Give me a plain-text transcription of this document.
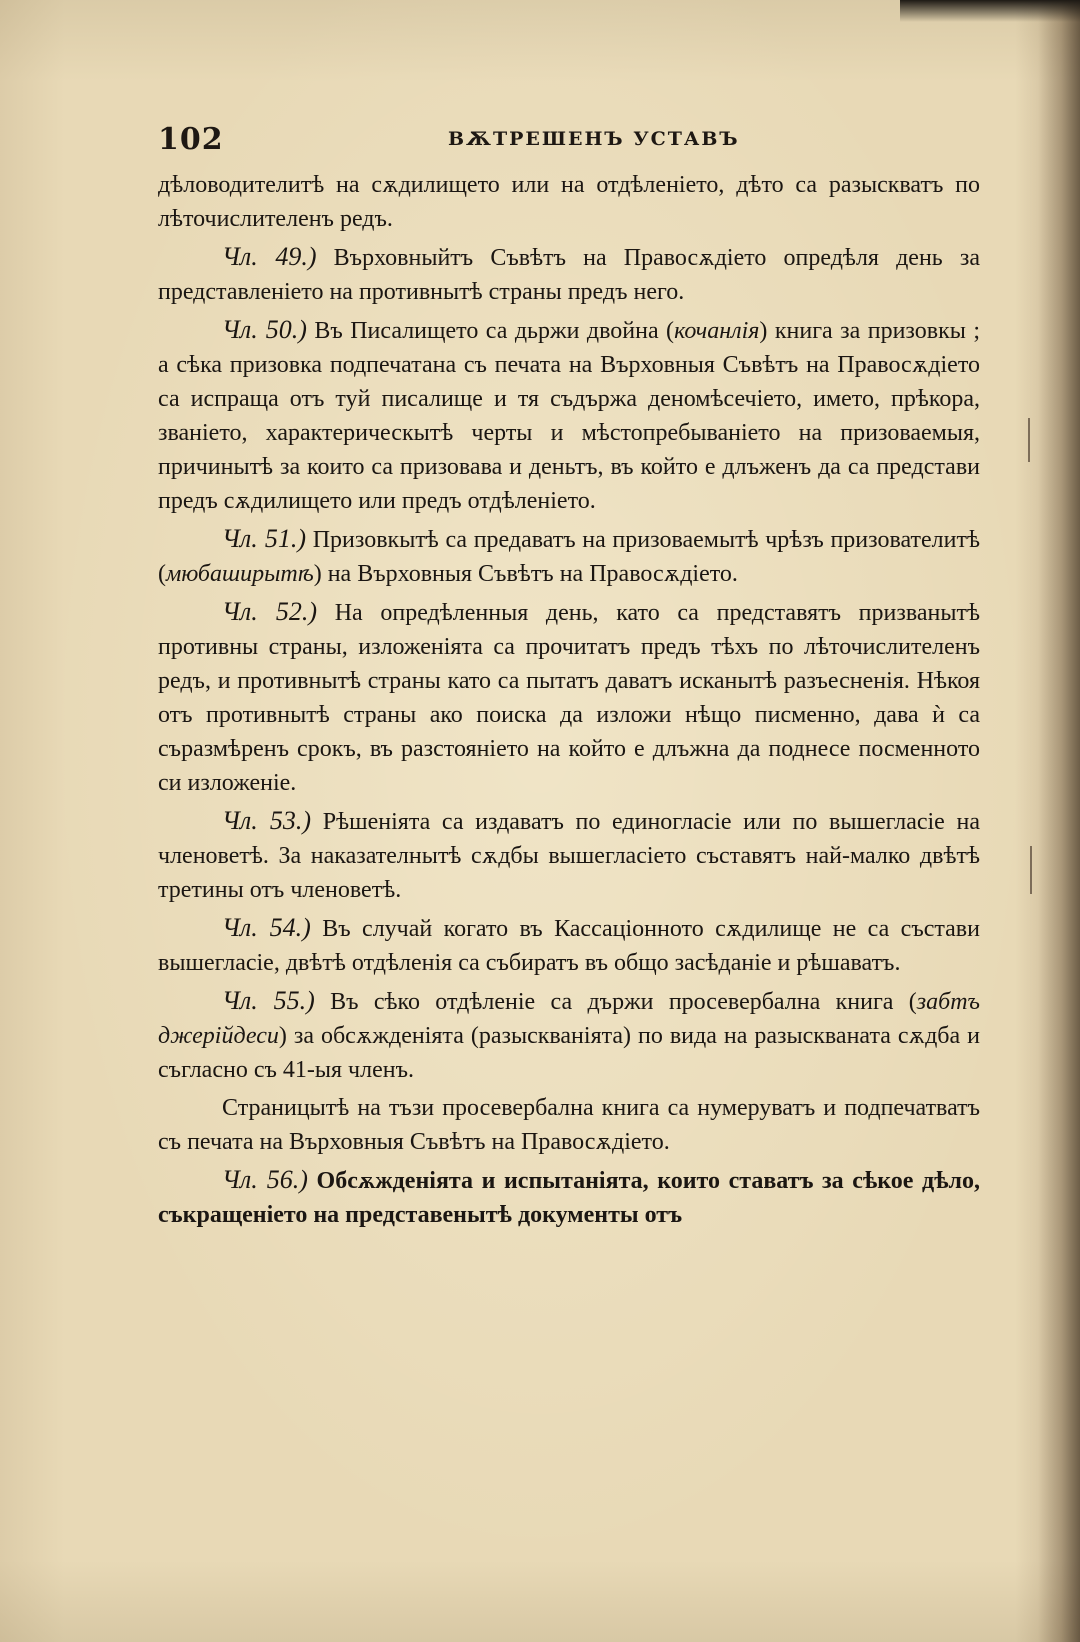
102	ВѪТРЕШЕНЪ УСТАВЪ

дѣловодителитѣ на сѫдилището или на отдѣленіето, дѣто са разыскватъ по лѣточислителенъ редъ.

Чл. 49.) Върховныйтъ Съвѣтъ на Правосѫдіето опредѣля день за представленіето на противнытѣ страны предъ него.

Чл. 50.) Въ Писалището са дьржи двойна (кочанлія) книга за призовкы ; а сѣка призовка подпечатана съ печата на Върховныя Съвѣтъ на Правосѫдіето са испраща отъ туй писалище и тя съдържа деномѣсечіето, името, прѣкора, званіето, характерическытѣ черты и мѣстопребываніето на призоваемыя, причинытѣ за които са призовава и деньтъ, въ който е длъженъ да са представи предъ сѫдилището или предъ отдѣленіето.

Чл. 51.) Призовкытѣ са предаватъ на призоваемытѣ чрѣзъ призователитѣ (мюбаширытѣ) на Върховныя Съвѣтъ на Правосѫдіето.

Чл. 52.) На опредѣленныя день, като са представятъ призванытѣ противны страны, изложеніята са прочитатъ предъ тѣхъ по лѣточислителенъ редъ, и противнытѣ страны като са пытатъ даватъ исканытѣ разъесненія. Нѣкоя отъ противнытѣ страны ако поиска да изложи нѣщо писменно, дава ѝ са съразмѣренъ срокъ, въ разстояніето на който е длъжна да поднесе посменното си изложеніе.

Чл. 53.) Рѣшеніята са издаватъ по единогласіе или по вышегласіе на членоветѣ. За наказателнытѣ сѫдбы вышегласіето съставятъ най-малко двѣтѣ третины отъ членоветѣ.

Чл. 54.) Въ случай когато въ Кассаціонното сѫдилище не са състави вышегласіе, двѣтѣ отдѣленія са събиратъ въ общо засѣданіе и рѣшаватъ.

Чл. 55.) Въ сѣко отдѣленіе са държи просевербална книга (забтъ джерійдеси) за обсѫжденіята (разыскваніята) по вида на разыскваната сѫдба и съгласно съ 41-ыя членъ.

Страницытѣ на тъзи просевербална книга са нумеруватъ и подпечатватъ съ печата на Върховныя Съвѣтъ на Правосѫдіето.

Чл. 56.) Обсѫжденіята и испытаніята, които ставатъ за сѣкое дѣло, съкращеніето на представенытѣ документы отъ
